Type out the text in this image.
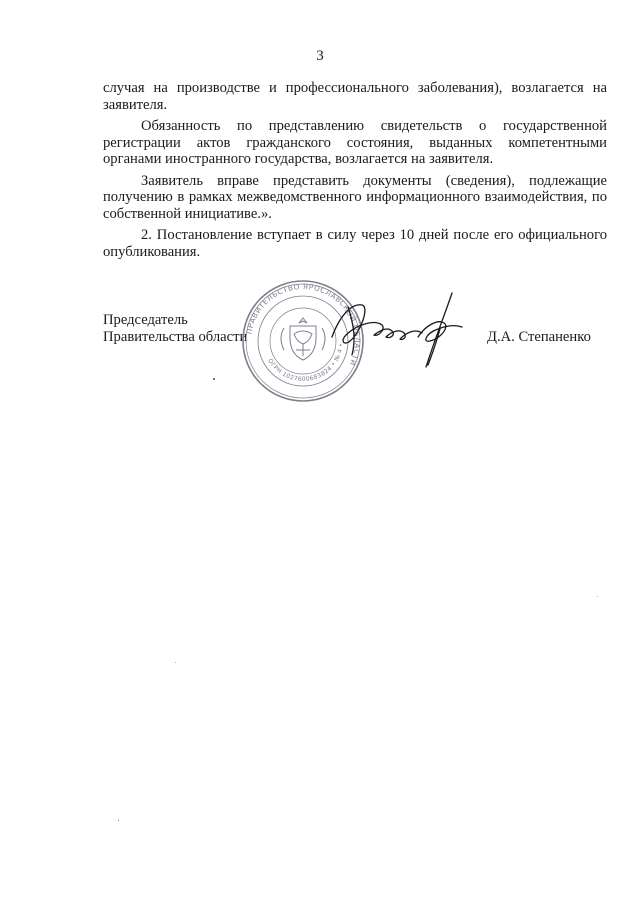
3

случая на производстве и профессионального заболевания), возлагается на заявителя.

Обязанность по представлению свидетельств о государственной регистрации актов гражданского состояния, выданных компетентными органами иностранного государства, возлагается на заявителя.

Заявитель вправе представить документы (сведения), подлежащие получению в рамках межведомственного информационного взаимодействия, по собственной инициативе.».

2. Постановление вступает в силу через 10 дней после его официального опубликования.

Председатель
Правительства области
ПРАВИТЕЛЬСТВО ЯРОСЛАВСКОЙ ОБЛАСТИ
ОГРН 1027600683824 • № 4 •	Д.А. Степаненко
